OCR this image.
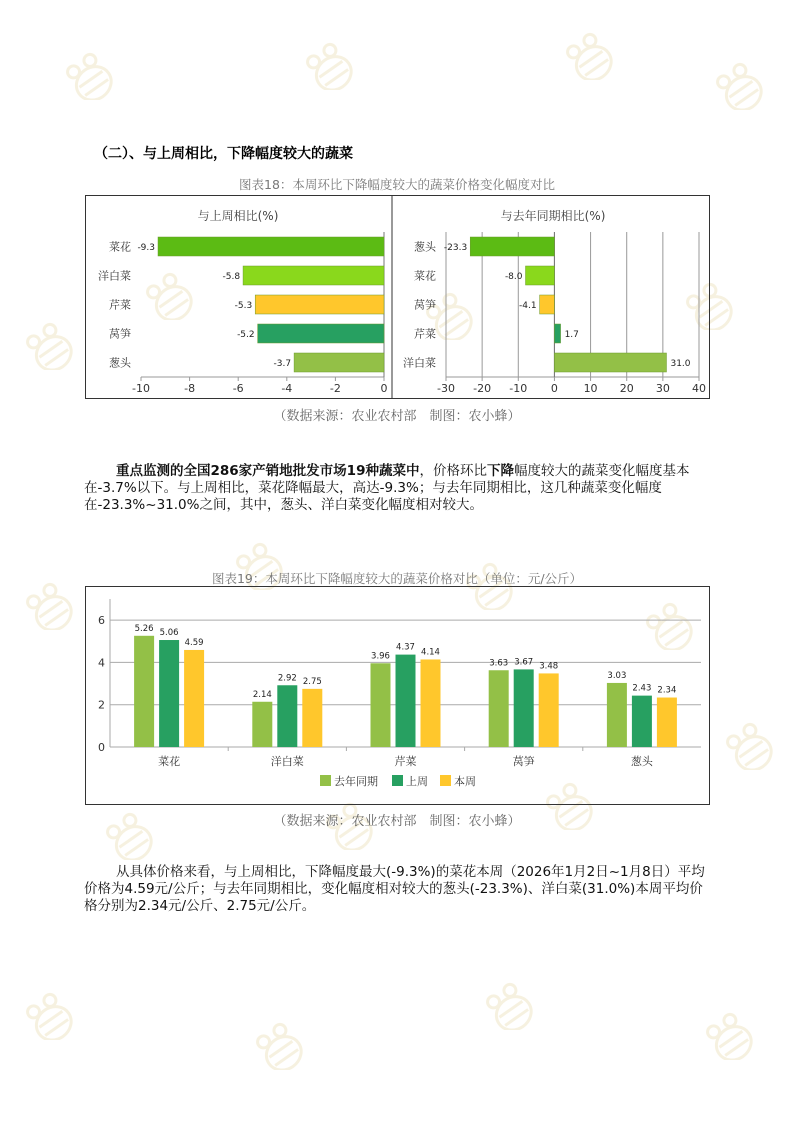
（二）、与上周相比，下降幅度较大的蔬菜
图表18：本周环比下降幅度较大的蔬菜价格变化幅度对比
与上周相比(%)
-10	-8	-6	-4	-2	0
菜花 -9.3
洋白菜	-5.8
芹菜	-5.3
莴笋	-5.2
葱头	-3.7
与去年同期相比(%)
-30 -20 -10 0 10 20 30 40
葱头 -23.3
菜花	-8.0
莴笋	-4.1
芹菜	1.7
洋白菜	31.0
（数据来源：农业农村部　制图：农小蜂）

重点监测的全国286家产销地批发市场19种蔬菜中，价格环比下降幅度较大的蔬菜变化幅度基本在-3.7%以下。与上周相比，菜花降幅最大，高达-9.3%；与去年同期相比，这几种蔬菜变化幅度在-23.3%~31.0%之间，其中，葱头、洋白菜变化幅度相对较大。

图表19：本周环比下降幅度较大的蔬菜价格对比（单位：元/公斤）
0
2
4
6
菜花
5.26 5.06
4.59
洋白菜
2.14
2.92 2.75
芹菜
3.96
4.37 4.14
莴笋
3.63 3.67 3.48
葱头
3.03
2.43 2.34
去年同期	上周 本周
（数据来源：农业农村部　制图：农小蜂）

从具体价格来看，与上周相比，下降幅度最大(-9.3%)的菜花本周（2026年1月2日~1月8日）平均价格为4.59元/公斤；与去年同期相比，变化幅度相对较大的葱头(-23.3%)、洋白菜(31.0%)本周平均价格分别为2.34元/公斤、2.75元/公斤。
